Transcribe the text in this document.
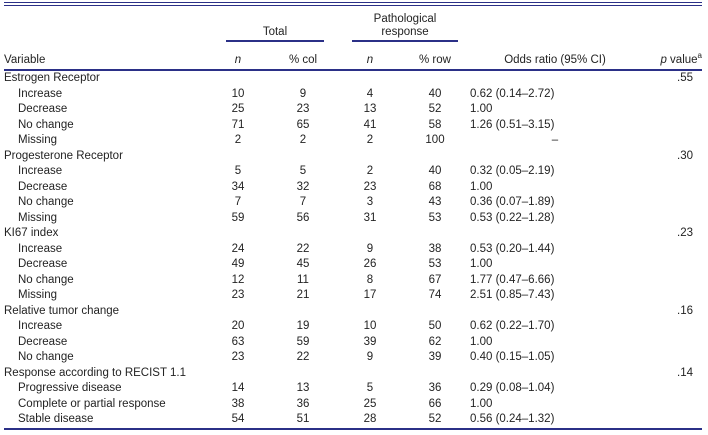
	Total		Pathological response			

Variable	n	% col	n	% row	Odds ratio (95% CI)	p value$^a$
Estrogen Receptor						.55
Increase	10	9	4	40	0.62 (0.14–2.72)	
Decrease	25	23	13	52	1.00	
No change	71	65	41	58	1.26 (0.51–3.15)	
Missing	2	2	2	100	–	
Progesterone Receptor						.30
Increase	5	5	2	40	0.32 (0.05–2.19)	
Decrease	34	32	23	68	1.00	
No change	7	7	3	43	0.36 (0.07–1.89)	
Missing	59	56	31	53	0.53 (0.22–1.28)	
KI67 index						.23
Increase	24	22	9	38	0.53 (0.20–1.44)	
Decrease	49	45	26	53	1.00	
No change	12	11	8	67	1.77 (0.47–6.66)	
Missing	23	21	17	74	2.51 (0.85–7.43)	
Relative tumor change						.16
Increase	20	19	10	50	0.62 (0.22–1.70)	
Decrease	63	59	39	62	1.00	
No change	23	22	9	39	0.40 (0.15–1.05)	
Response according to RECIST 1.1						.14
Progressive disease	14	13	5	36	0.29 (0.08–1.04)	
Complete or partial response	38	36	25	66	1.00	
Stable disease	54	51	28	52	0.56 (0.24–1.32)	
